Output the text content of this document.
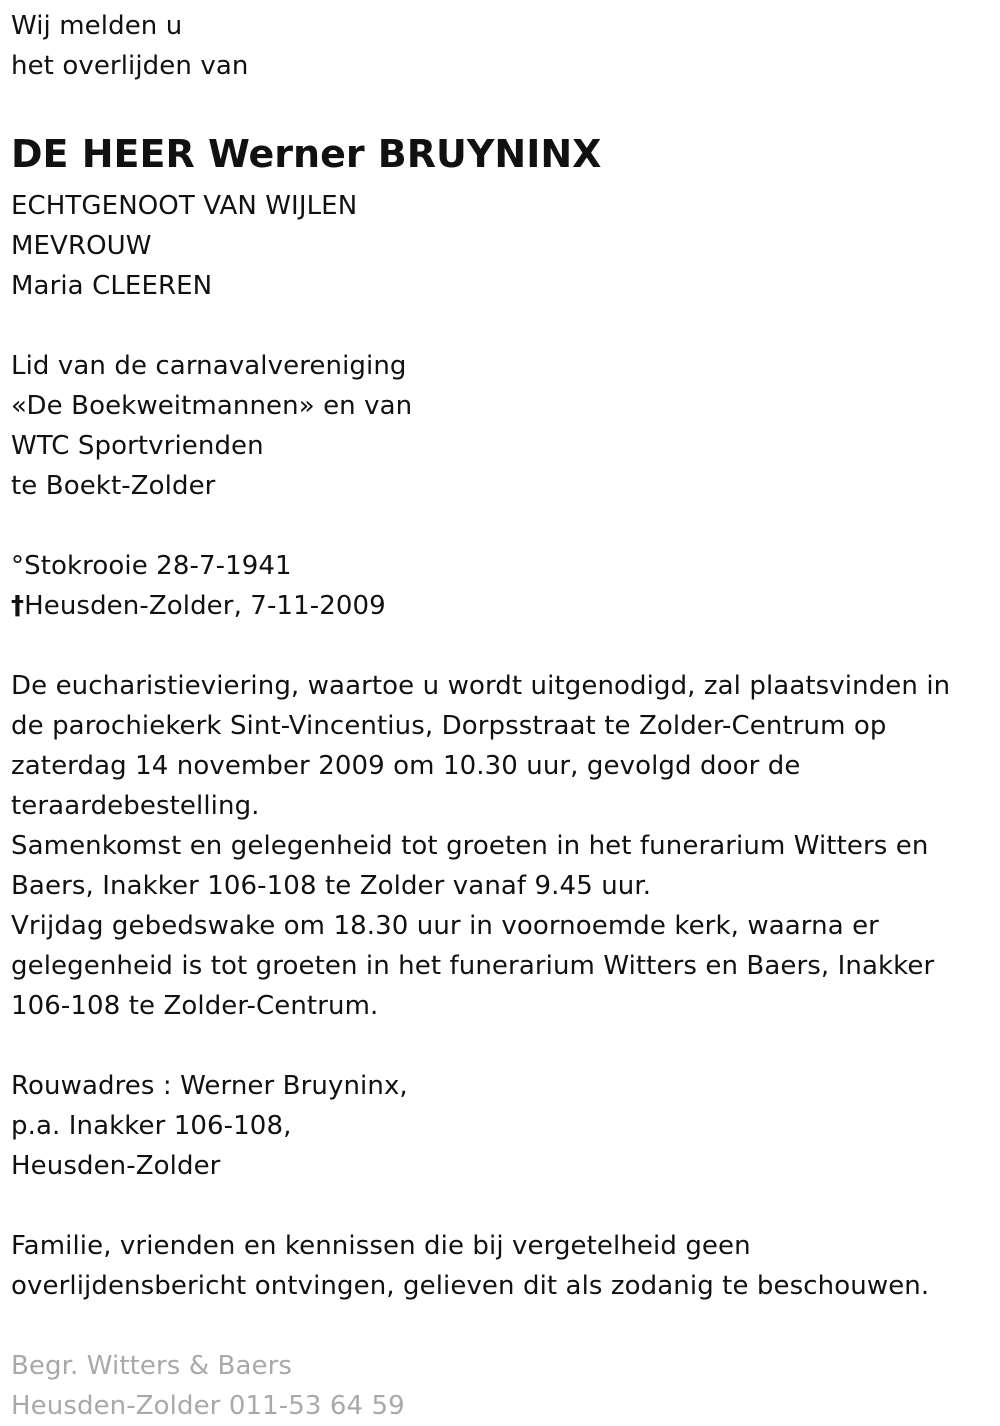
Wij melden u
het overlijden van
DE HEER Werner BRUYNINX
ECHTGENOOT VAN WIJLEN
MEVROUW
Maria CLEEREN
Lid van de carnavalvereniging
«De Boekweitmannen» en van
WTC Sportvrienden
te Boekt-Zolder
°Stokrooie 28-7-1941
†Heusden-Zolder, 7-11-2009
De eucharistieviering, waartoe u wordt uitgenodigd, zal plaatsvinden in
de parochiekerk Sint-Vincentius, Dorpsstraat te Zolder-Centrum op
zaterdag 14 november 2009 om 10.30 uur, gevolgd door de
teraardebestelling.
Samenkomst en gelegenheid tot groeten in het funerarium Witters en
Baers, Inakker 106-108 te Zolder vanaf 9.45 uur.
Vrijdag gebedswake om 18.30 uur in voornoemde kerk, waarna er
gelegenheid is tot groeten in het funerarium Witters en Baers, Inakker
106-108 te Zolder-Centrum.
Rouwadres : Werner Bruyninx,
p.a. Inakker 106-108,
Heusden-Zolder
Familie, vrienden en kennissen die bij vergetelheid geen
overlijdensbericht ontvingen, gelieven dit als zodanig te beschouwen.
Begr. Witters & Baers
Heusden-Zolder 011-53 64 59
